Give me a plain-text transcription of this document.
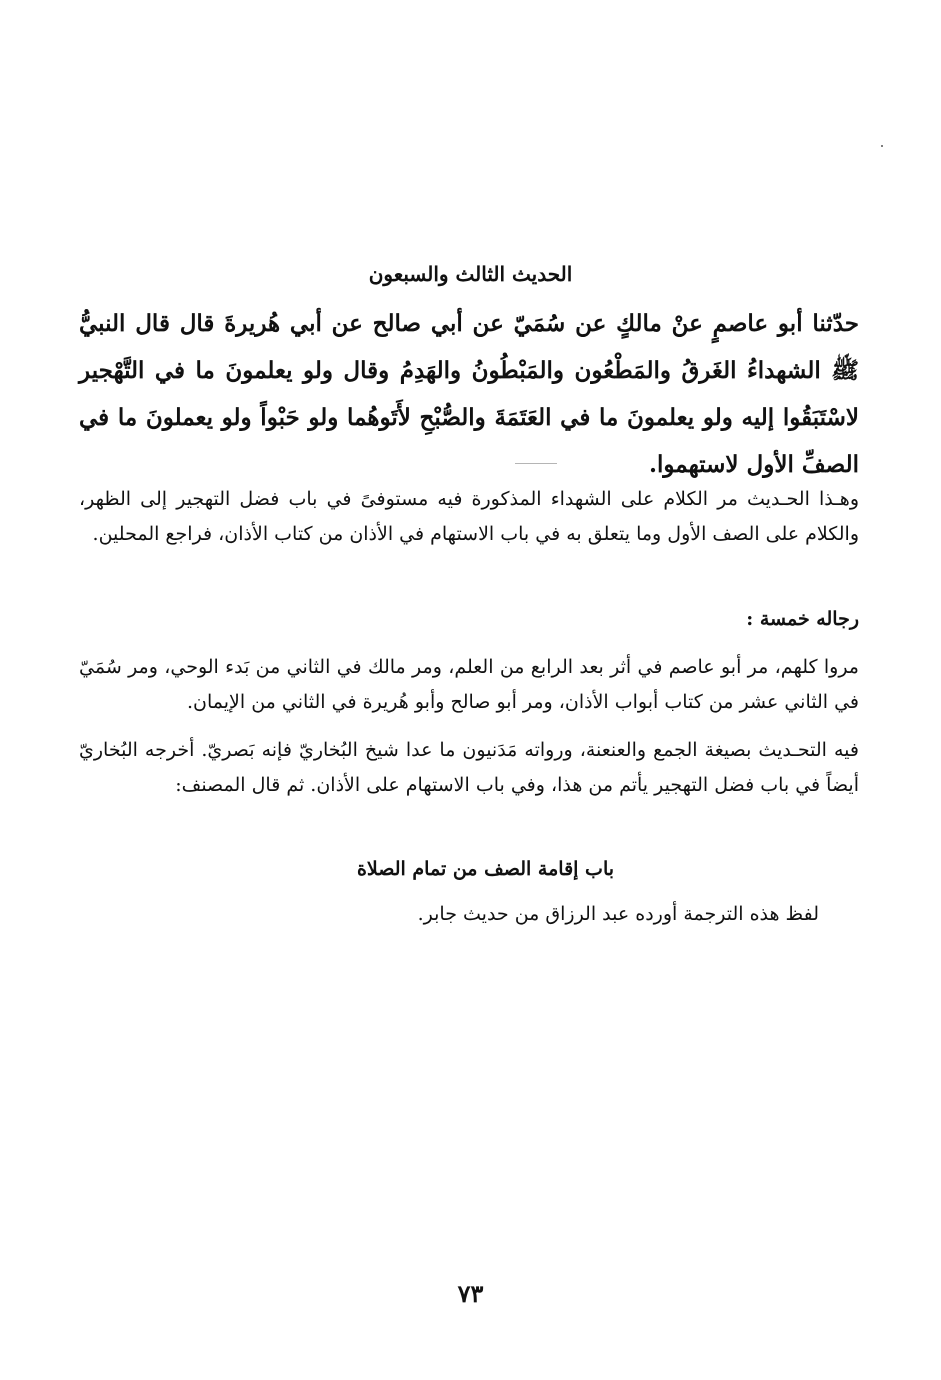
الحديث الثالث والسبعون

حدّثنا أبو عاصمٍ عنْ مالكٍ عن سُمَيّ عن أبي صالح عن أبي هُريرةَ قال قال النبيُّ ﷺ الشهداءُ الغَرقُ والمَطْعُون والمَبْطُونُ والهَدِمُ وقال ولو يعلمونَ ما في التَّهْجير لاسْتَبَقُوا إليه ولو يعلمونَ ما في العَتَمَةَ والصُّبْحِ لأَتَوهُما ولو حَبْواً ولو يعملونَ ما في الصفِّ الأول لاستهموا.

وهـذا الحـديث مر الكلام على الشهداء المذكورة فيه مستوفىً في باب فضل التهجير إلى الظهر، والكلام على الصف الأول وما يتعلق به في باب الاستهام في الأذان من كتاب الأذان، فراجع المحلين.

رجاله خمسة :

مروا كلهم، مر أبو عاصم في أثر بعد الرابع من العلم، ومر مالك في الثاني من بَدء الوحي، ومر سُمَيّ في الثاني عشر من كتاب أبواب الأذان، ومر أبو صالح وأبو هُريرة في الثاني من الإيمان.

فيه التحـديث بصيغة الجمع والعنعنة، ورواته مَدَنيون ما عدا شيخ البُخاريّ فإنه بَصريّ. أخرجه البُخاريّ أيضاً في باب فضل التهجير يأتم من هذا، وفي باب الاستهام على الأذان. ثم قال المصنف:

باب إقامة الصف من تمام الصلاة
لفظ هذه الترجمة أورده عبد الرزاق من حديث جابر.
٧٣
